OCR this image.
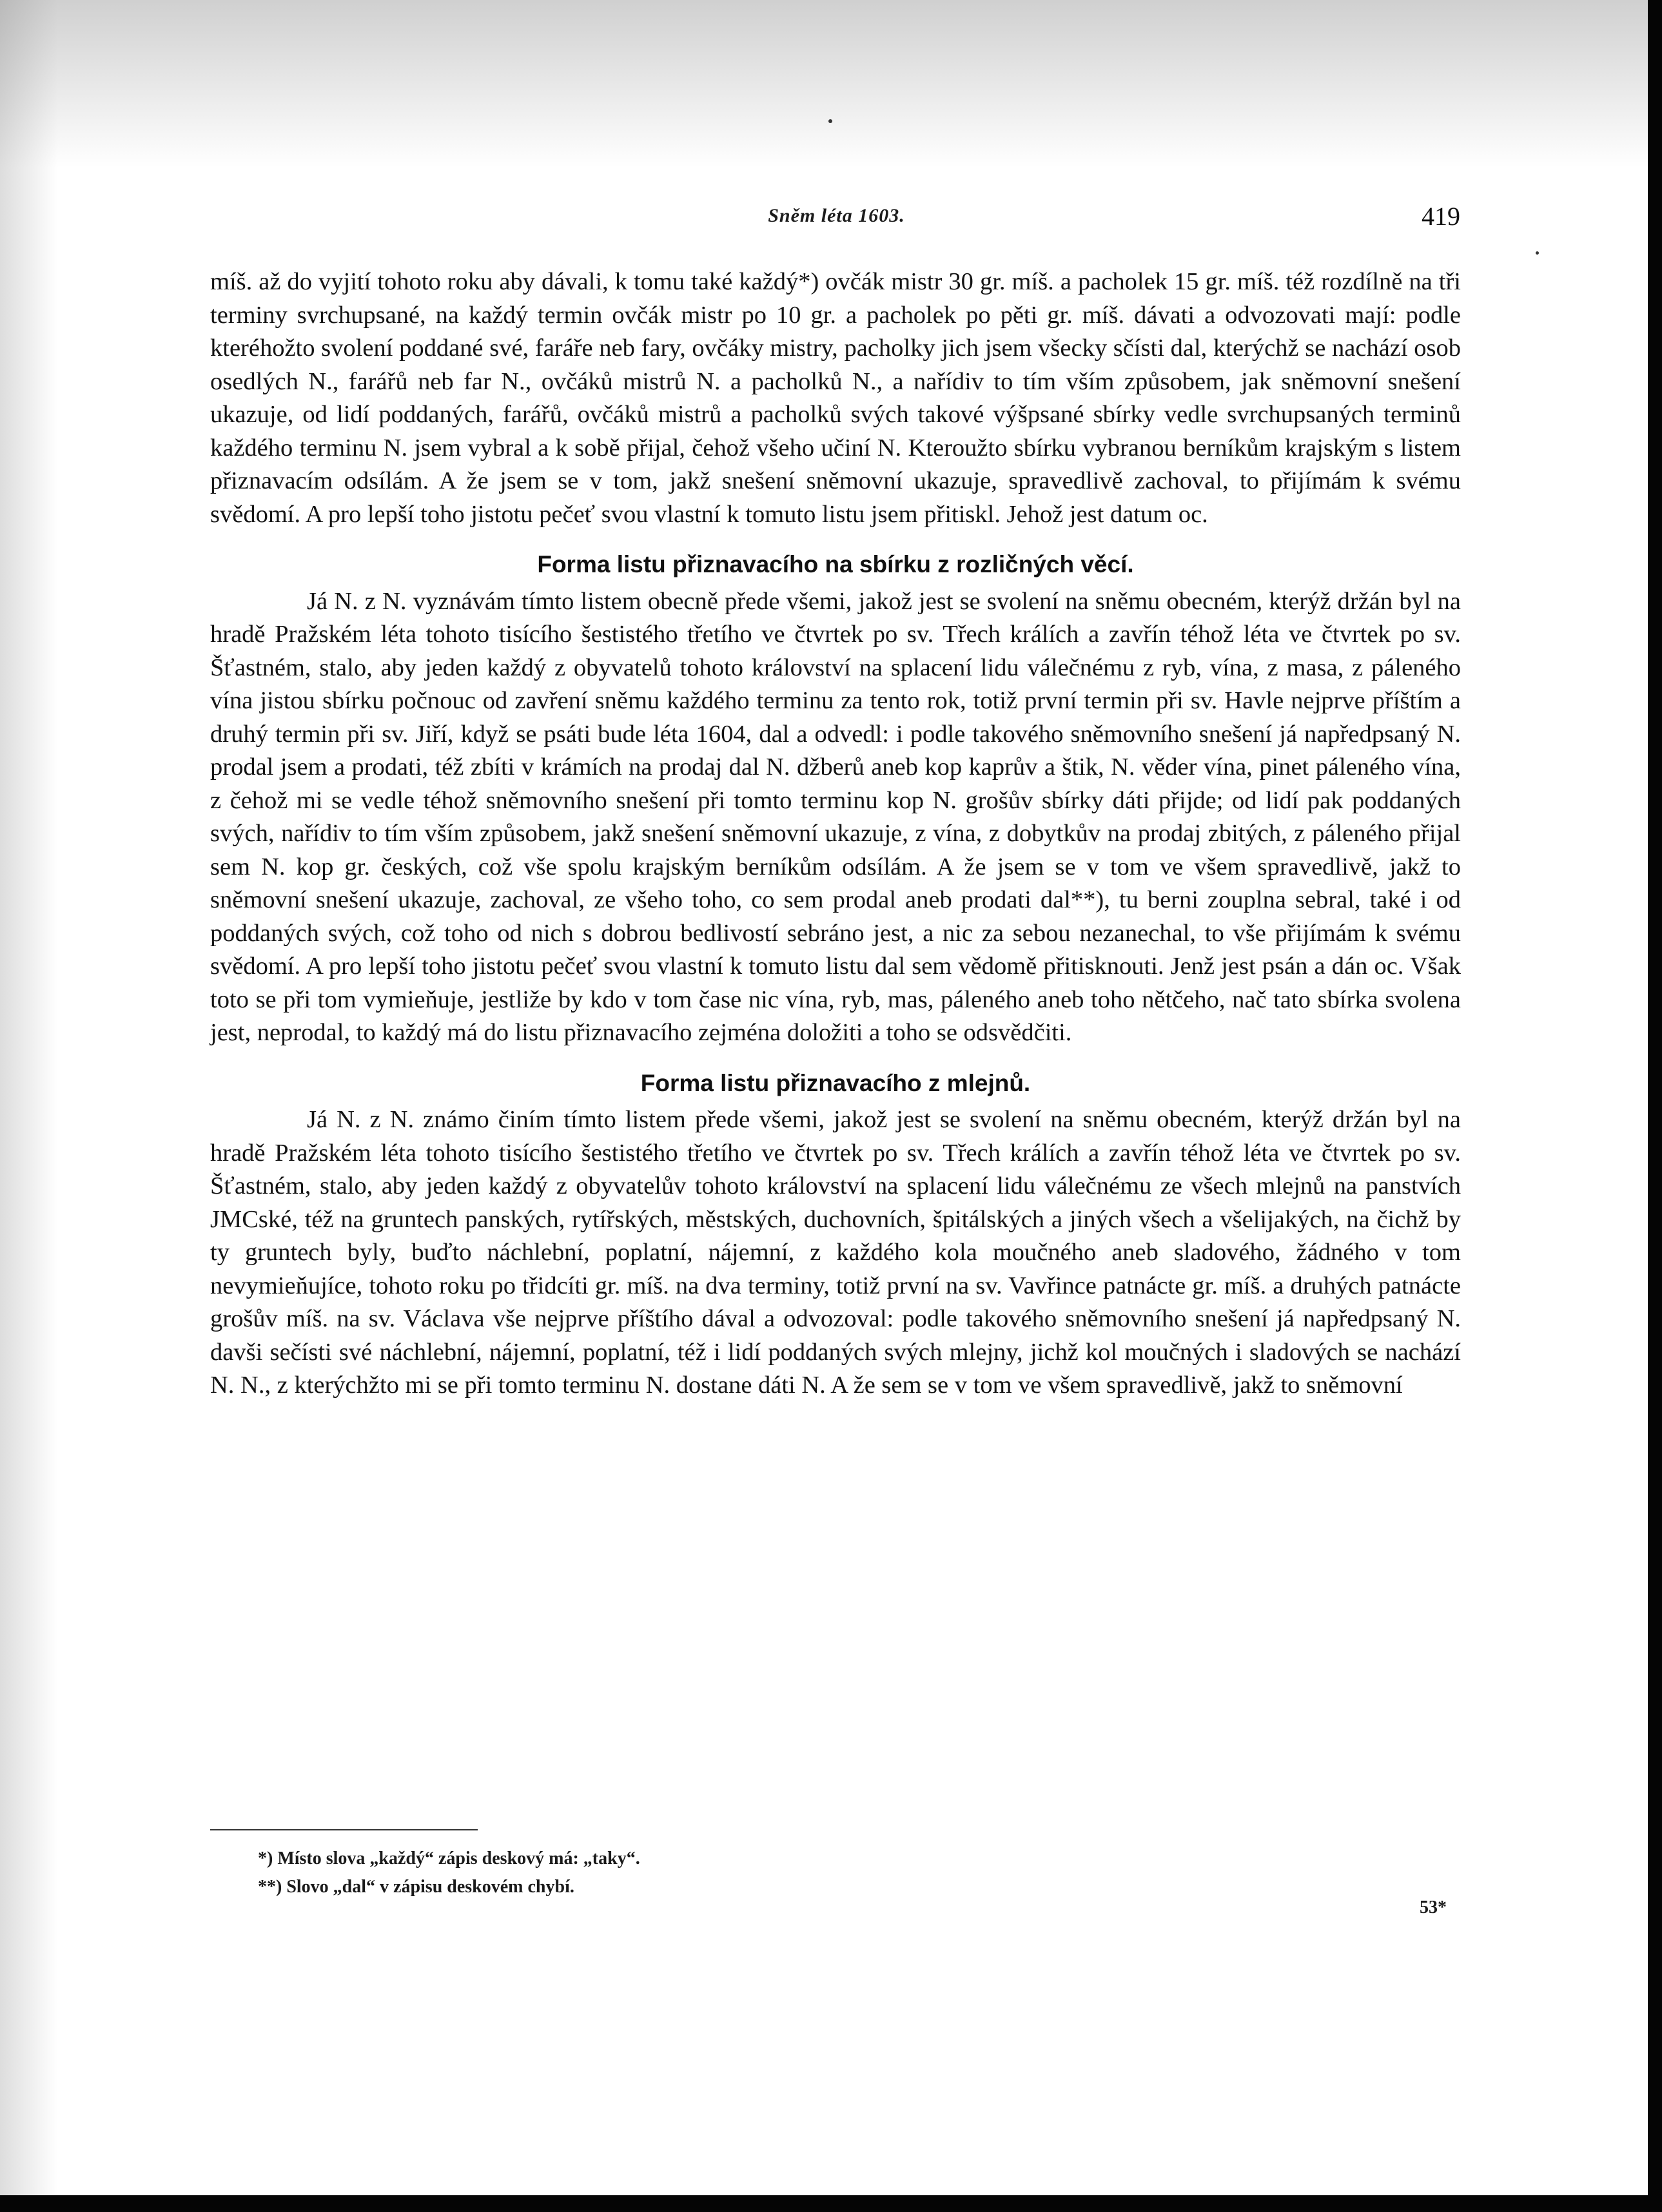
Sněm léta 1603.	419

míš. až do vyjití tohoto roku aby dávali, k tomu také každý*) ovčák mistr 30 gr. míš. a pacholek 15 gr. míš. též rozdílně na tři terminy svrchupsané, na každý termin ovčák mistr po 10 gr. a pacholek po pěti gr. míš. dávati a odvozovati mají: podle kteréhožto svolení poddané své, faráře neb fary, ovčáky mistry, pacholky jich jsem všecky sčísti dal, kterýchž se nachází osob osedlých N., farářů neb far N., ovčáků mistrů N. a pacholků N., a nařídiv to tím vším způsobem, jak sněmovní snešení ukazuje, od lidí poddaných, farářů, ovčáků mistrů a pacholků svých takové výšpsané sbírky vedle svrchupsaných terminů každého terminu N. jsem vybral a k sobě přijal, čehož všeho učiní N. Kteroužto sbírku vybranou berníkům krajským s listem přiznavacím odsílám. A že jsem se v tom, jakž snešení sněmovní ukazuje, spravedlivě zachoval, to přijímám k svému svědomí. A pro lepší toho jistotu pečeť svou vlastní k tomuto listu jsem přitiskl. Jehož jest datum oc.

Forma listu přiznavacího na sbírku z rozličných věcí.

Já N. z N. vyznávám tímto listem obecně přede všemi, jakož jest se svolení na sněmu obecném, kterýž držán byl na hradě Pražském léta tohoto tisícího šestistého třetího ve čtvrtek po sv. Třech králích a zavřín téhož léta ve čtvrtek po sv. Šťastném, stalo, aby jeden každý z obyvatelů tohoto království na splacení lidu válečnému z ryb, vína, z masa, z páleného vína jistou sbírku počnouc od zavření sněmu každého terminu za tento rok, totiž první termin při sv. Havle nejprve příštím a druhý termin při sv. Jiří, když se psáti bude léta 1604, dal a odvedl: i podle takového sněmovního snešení já napředpsaný N. prodal jsem a prodati, též zbíti v krámích na prodaj dal N. džberů aneb kop kaprův a štik, N. věder vína, pinet páleného vína, z čehož mi se vedle téhož sněmovního snešení při tomto terminu kop N. grošův sbírky dáti přijde; od lidí pak poddaných svých, nařídiv to tím vším způsobem, jakž snešení sněmovní ukazuje, z vína, z dobytkův na prodaj zbitých, z páleného přijal sem N. kop gr. českých, což vše spolu krajským berníkům odsílám. A že jsem se v tom ve všem spravedlivě, jakž to sněmovní snešení ukazuje, zachoval, ze všeho toho, co sem prodal aneb prodati dal**), tu berni zouplna sebral, také i od poddaných svých, což toho od nich s dobrou bedlivostí sebráno jest, a nic za sebou nezanechal, to vše přijímám k svému svědomí. A pro lepší toho jistotu pečeť svou vlastní k tomuto listu dal sem vědomě přitisknouti. Jenž jest psán a dán oc. Však toto se při tom vymieňuje, jestliže by kdo v tom čase nic vína, ryb, mas, páleného aneb toho nětčeho, nač tato sbírka svolena jest, neprodal, to každý má do listu přiznavacího zejména doložiti a toho se odsvědčiti.

Forma listu přiznavacího z mlejnů.

Já N. z N. známo činím tímto listem přede všemi, jakož jest se svolení na sněmu obecném, kterýž držán byl na hradě Pražském léta tohoto tisícího šestistého třetího ve čtvrtek po sv. Třech králích a zavřín téhož léta ve čtvrtek po sv. Šťastném, stalo, aby jeden každý z obyvatelův tohoto království na splacení lidu válečnému ze všech mlejnů na panstvích JMCské, též na gruntech panských, rytířských, městských, duchovních, špitálských a jiných všech a všelijakých, na čichž by ty gruntech byly, buďto náchlební, poplatní, nájemní, z každého kola moučného aneb sladového, žádného v tom nevymieňujíce, tohoto roku po třidcíti gr. míš. na dva terminy, totiž první na sv. Vavřince patnácte gr. míš. a druhých patnácte grošův míš. na sv. Václava vše nejprve příštího dával a odvozoval: podle takového sněmovního snešení já napředpsaný N. davši sečísti své náchlební, nájemní, poplatní, též i lidí poddaných svých mlejny, jichž kol moučných i sladových se nachází N. N., z kterýchžto mi se při tomto terminu N. dostane dáti N. A že sem se v tom ve všem spravedlivě, jakž to sněmovní

*) Místo slova „každý“ zápis deskový má: „taky“.

**) Slovo „dal“ v zápisu deskovém chybí.

53*
